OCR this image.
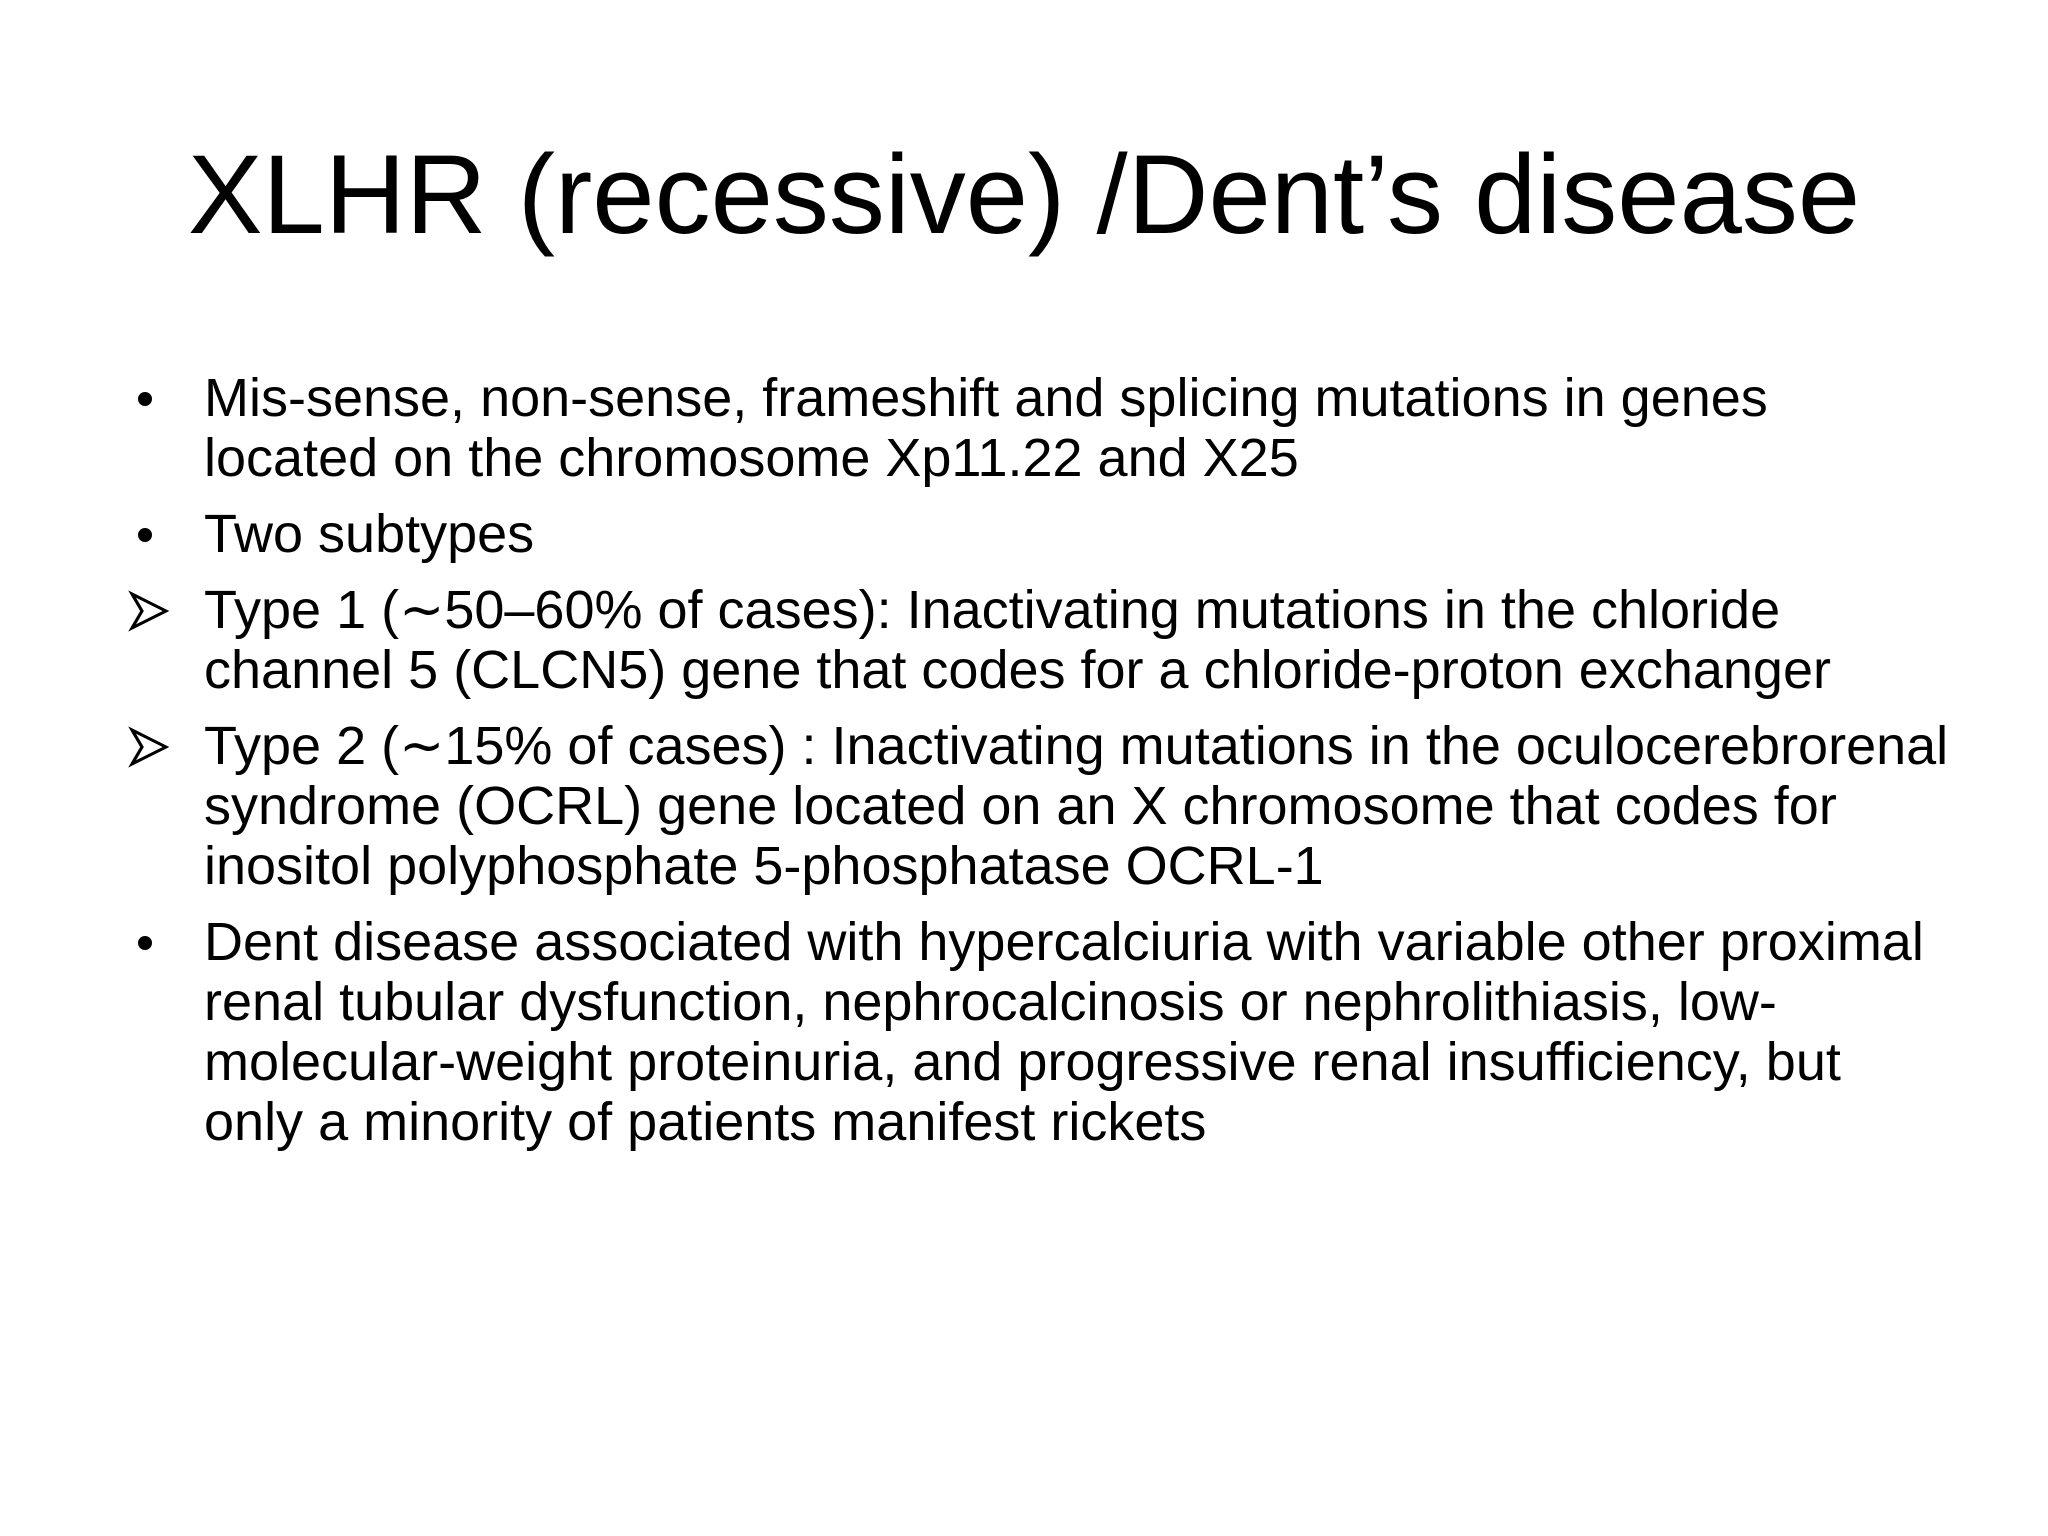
XLHR (recessive) /Dent’s disease
Mis-sense, non-sense, frameshift and splicing mutations in genes located on the chromosome Xp11.22 and X25
Two subtypes
Type 1 (∼50–60% of cases): Inactivating mutations in the chloride channel 5 (CLCN5) gene that codes for a chloride-proton exchanger
Type 2 (∼15% of cases) : Inactivating mutations in the oculocerebrorenal syndrome (OCRL) gene located on an X chromosome that codes for inositol polyphosphate 5-phosphatase OCRL-1
Dent disease associated with hypercalciuria with variable other proximal renal tubular dysfunction, nephrocalcinosis or nephrolithiasis, low-molecular-weight proteinuria, and progressive renal insufficiency, but only a minority of patients manifest rickets
